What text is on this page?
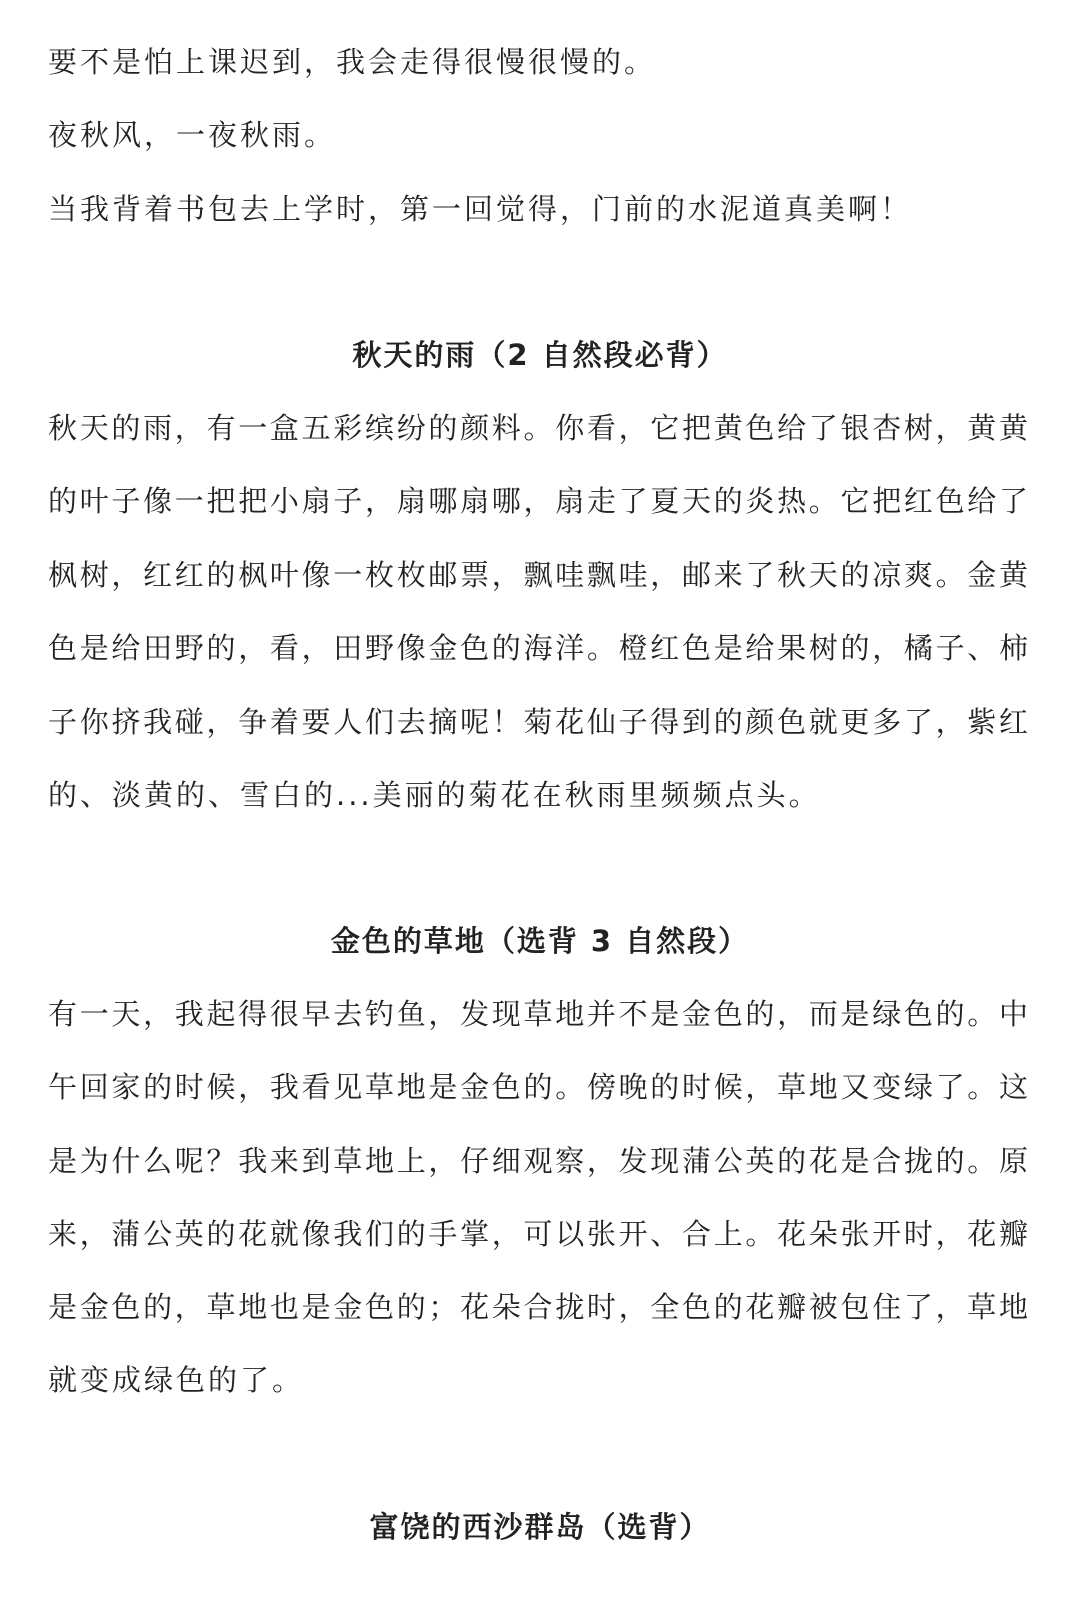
要不是怕上课迟到，我会走得很慢很慢的。
夜秋风，一夜秋雨。
当我背着书包去上学时，第一回觉得，门前的水泥道真美啊！
秋天的雨（2 自然段必背）
秋天的雨，有一盒五彩缤纷的颜料。你看，它把黄色给了银杏树，黄黄
的叶子像一把把小扇子，扇哪扇哪，扇走了夏天的炎热。它把红色给了
枫树，红红的枫叶像一枚枚邮票，飘哇飘哇，邮来了秋天的凉爽。金黄
色是给田野的，看，田野像金色的海洋。橙红色是给果树的，橘子、柿
子你挤我碰，争着要人们去摘呢！菊花仙子得到的颜色就更多了，紫红
的、淡黄的、雪白的...美丽的菊花在秋雨里频频点头。
金色的草地（选背 3 自然段）
有一天，我起得很早去钓鱼，发现草地并不是金色的，而是绿色的。中
午回家的时候，我看见草地是金色的。傍晚的时候，草地又变绿了。这
是为什么呢？我来到草地上，仔细观察，发现蒲公英的花是合拢的。原
来，蒲公英的花就像我们的手掌，可以张开、合上。花朵张开时，花瓣
是金色的，草地也是金色的；花朵合拢时，全色的花瓣被包住了，草地
就变成绿色的了。
富饶的西沙群岛（选背）
